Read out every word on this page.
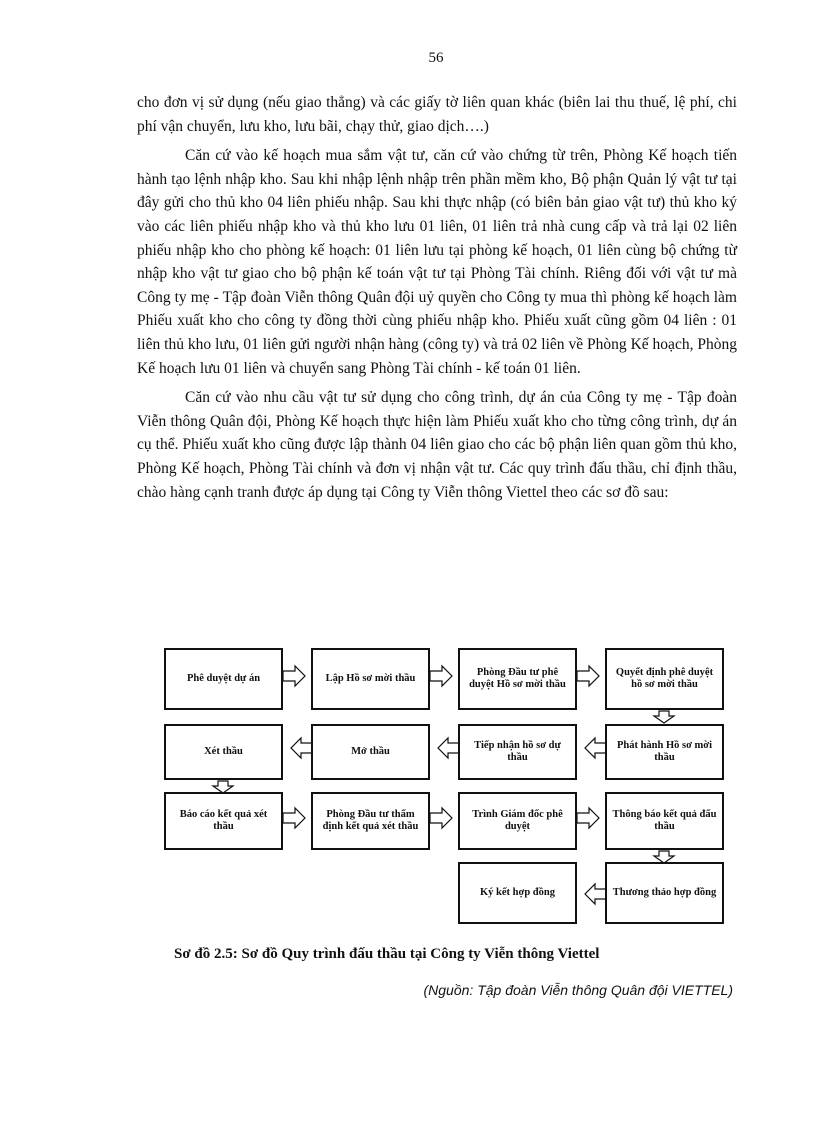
56

cho đơn vị sử dụng (nếu giao thẳng) và các giấy tờ liên quan khác (biên lai thu thuế, lệ phí, chi phí vận chuyển, lưu kho, lưu bãi, chạy thử, giao dịch….)

Căn cứ vào kế hoạch mua sắm vật tư, căn cứ vào chứng từ trên, Phòng Kế hoạch tiến hành tạo lệnh nhập kho. Sau khi nhập lệnh nhập trên phần mềm kho, Bộ phận Quản lý vật tư tại đây gửi cho thủ kho 04 liên phiếu nhập. Sau khi thực nhập (có biên bản giao vật tư) thủ kho ký vào các liên phiếu nhập kho và thủ kho lưu 01 liên, 01 liên trả nhà cung cấp và trả lại 02 liên phiếu nhập kho cho phòng kế hoạch: 01 liên lưu tại phòng kế hoạch, 01 liên cùng bộ chứng từ nhập kho vật tư giao cho bộ phận kế toán vật tư tại Phòng Tài chính. Riêng đối với vật tư mà Công ty mẹ - Tập đoàn Viễn thông Quân đội uỷ quyền cho Công ty mua thì phòng kế hoạch làm Phiếu xuất kho cho công ty đồng thời cùng phiếu nhập kho. Phiếu xuất cũng gồm 04 liên : 01 liên thủ kho lưu, 01 liên gửi người nhận hàng (công ty) và trả 02 liên về Phòng Kế hoạch, Phòng Kế hoạch lưu 01 liên và chuyển sang Phòng Tài chính - kế toán 01 liên.

Căn cứ vào nhu cầu vật tư sử dụng cho công trình, dự án của Công ty mẹ - Tập đoàn Viễn thông Quân đội, Phòng Kế hoạch thực hiện làm Phiếu xuất kho cho từng công trình, dự án cụ thể. Phiếu xuất kho cũng được lập thành 04 liên giao cho các bộ phận liên quan gồm thủ kho, Phòng Kế hoạch, Phòng Tài chính và đơn vị nhận vật tư. Các quy trình đấu thầu, chỉ định thầu, chào hàng cạnh tranh được áp dụng tại Công ty Viễn thông Viettel theo các sơ đồ sau:

Phê duyệt dự án	Lập Hồ sơ mời thầu
Phòng Đầu tư phê duyệt Hồ sơ mời thầu
Quyết định phê duyệt hồ sơ mời thầu
Phát hành Hồ sơ mời thầu
Tiếp nhận hồ sơ dự thầu
Mở thầu
Xét thầu
Báo cáo kết quả xét thầu
Phòng Đầu tư thẩm định kết quả xét thầu
Trình Giám đốc phê duyệt
Thông báo kết quả đấu thầu
Thương thảo hợp đồng
Ký kết hợp đồng
Sơ đồ 2.5: Sơ đồ Quy trình đấu thầu tại Công ty Viễn thông Viettel
(Nguồn: Tập đoàn Viễn thông Quân đội VIETTEL)
